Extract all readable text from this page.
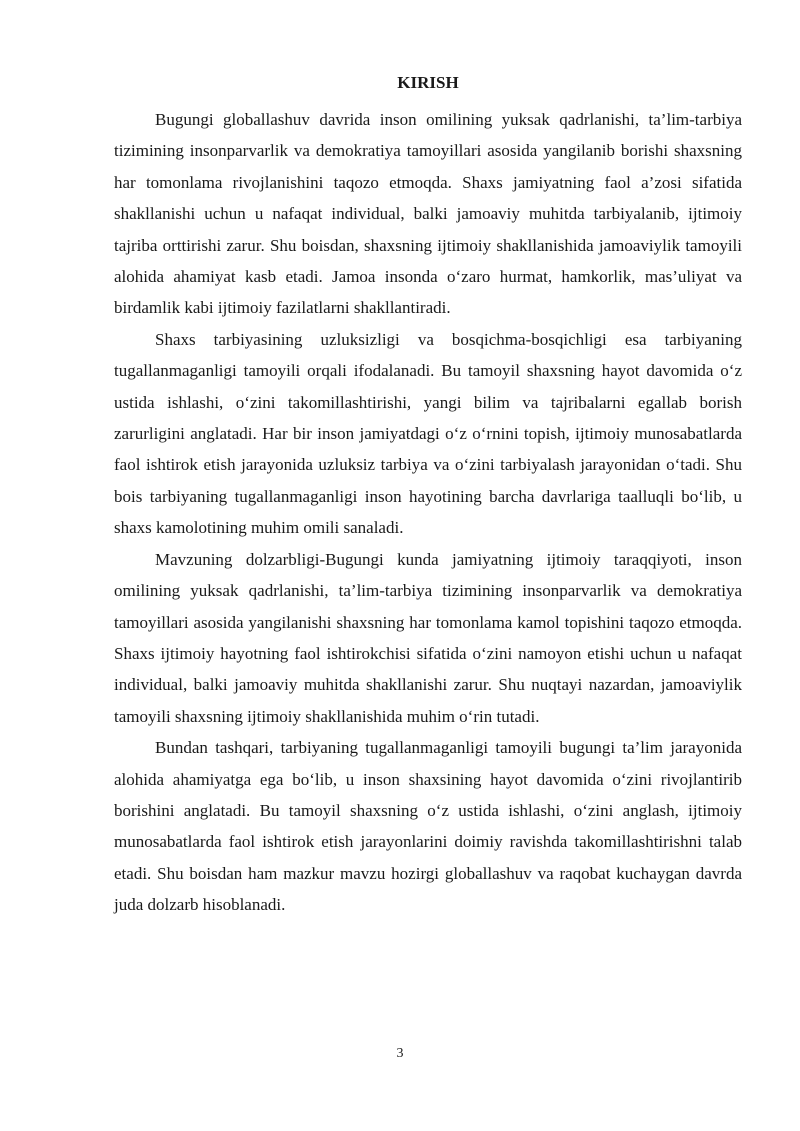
KIRISH

Bugungi globallashuv davrida inson omilining yuksak qadrlanishi, ta’lim-tarbiya tizimining insonparvarlik va demokratiya tamoyillari asosida yangilanib borishi shaxsning har tomonlama rivojlanishini taqozo etmoqda. Shaxs jamiyatning faol a’zosi sifatida shakllanishi uchun u nafaqat individual, balki jamoaviy muhitda tarbiyalanib, ijtimoiy tajriba orttirishi zarur. Shu boisdan, shaxsning ijtimoiy shakllanishida jamoaviylik tamoyili alohida ahamiyat kasb etadi. Jamoa insonda o‘zaro hurmat, hamkorlik, mas’uliyat va birdamlik kabi ijtimoiy fazilatlarni shakllantiradi.

Shaxs tarbiyasining uzluksizligi va bosqichma-bosqichligi esa tarbiyaning tugallanmaganligi tamoyili orqali ifodalanadi. Bu tamoyil shaxsning hayot davomida o‘z ustida ishlashi, o‘zini takomillashtirishi, yangi bilim va tajribalarni egallab borish zarurligini anglatadi. Har bir inson jamiyatdagi o‘z o‘rnini topish, ijtimoiy munosabatlarda faol ishtirok etish jarayonida uzluksiz tarbiya va o‘zini tarbiyalash jarayonidan o‘tadi. Shu bois tarbiyaning tugallanmaganligi inson hayotining barcha davrlariga taalluqli bo‘lib, u shaxs kamolotining muhim omili sanaladi.

Mavzuning dolzarbligi-Bugungi kunda jamiyatning ijtimoiy taraqqiyoti, inson omilining yuksak qadrlanishi, ta’lim-tarbiya tizimining insonparvarlik va demokratiya tamoyillari asosida yangilanishi shaxsning har tomonlama kamol topishini taqozo etmoqda. Shaxs ijtimoiy hayotning faol ishtirokchisi sifatida o‘zini namoyon etishi uchun u nafaqat individual, balki jamoaviy muhitda shakllanishi zarur. Shu nuqtayi nazardan, jamoaviylik tamoyili shaxsning ijtimoiy shakllanishida muhim o‘rin tutadi.

Bundan tashqari, tarbiyaning tugallanmaganligi tamoyili bugungi ta’lim jarayonida alohida ahamiyatga ega bo‘lib, u inson shaxsining hayot davomida o‘zini rivojlantirib borishini anglatadi. Bu tamoyil shaxsning o‘z ustida ishlashi, o‘zini anglash, ijtimoiy munosabatlarda faol ishtirok etish jarayonlarini doimiy ravishda takomillashtirishni talab etadi. Shu boisdan ham mazkur mavzu hozirgi globallashuv va raqobat kuchaygan davrda juda dolzarb hisoblanadi.

3
